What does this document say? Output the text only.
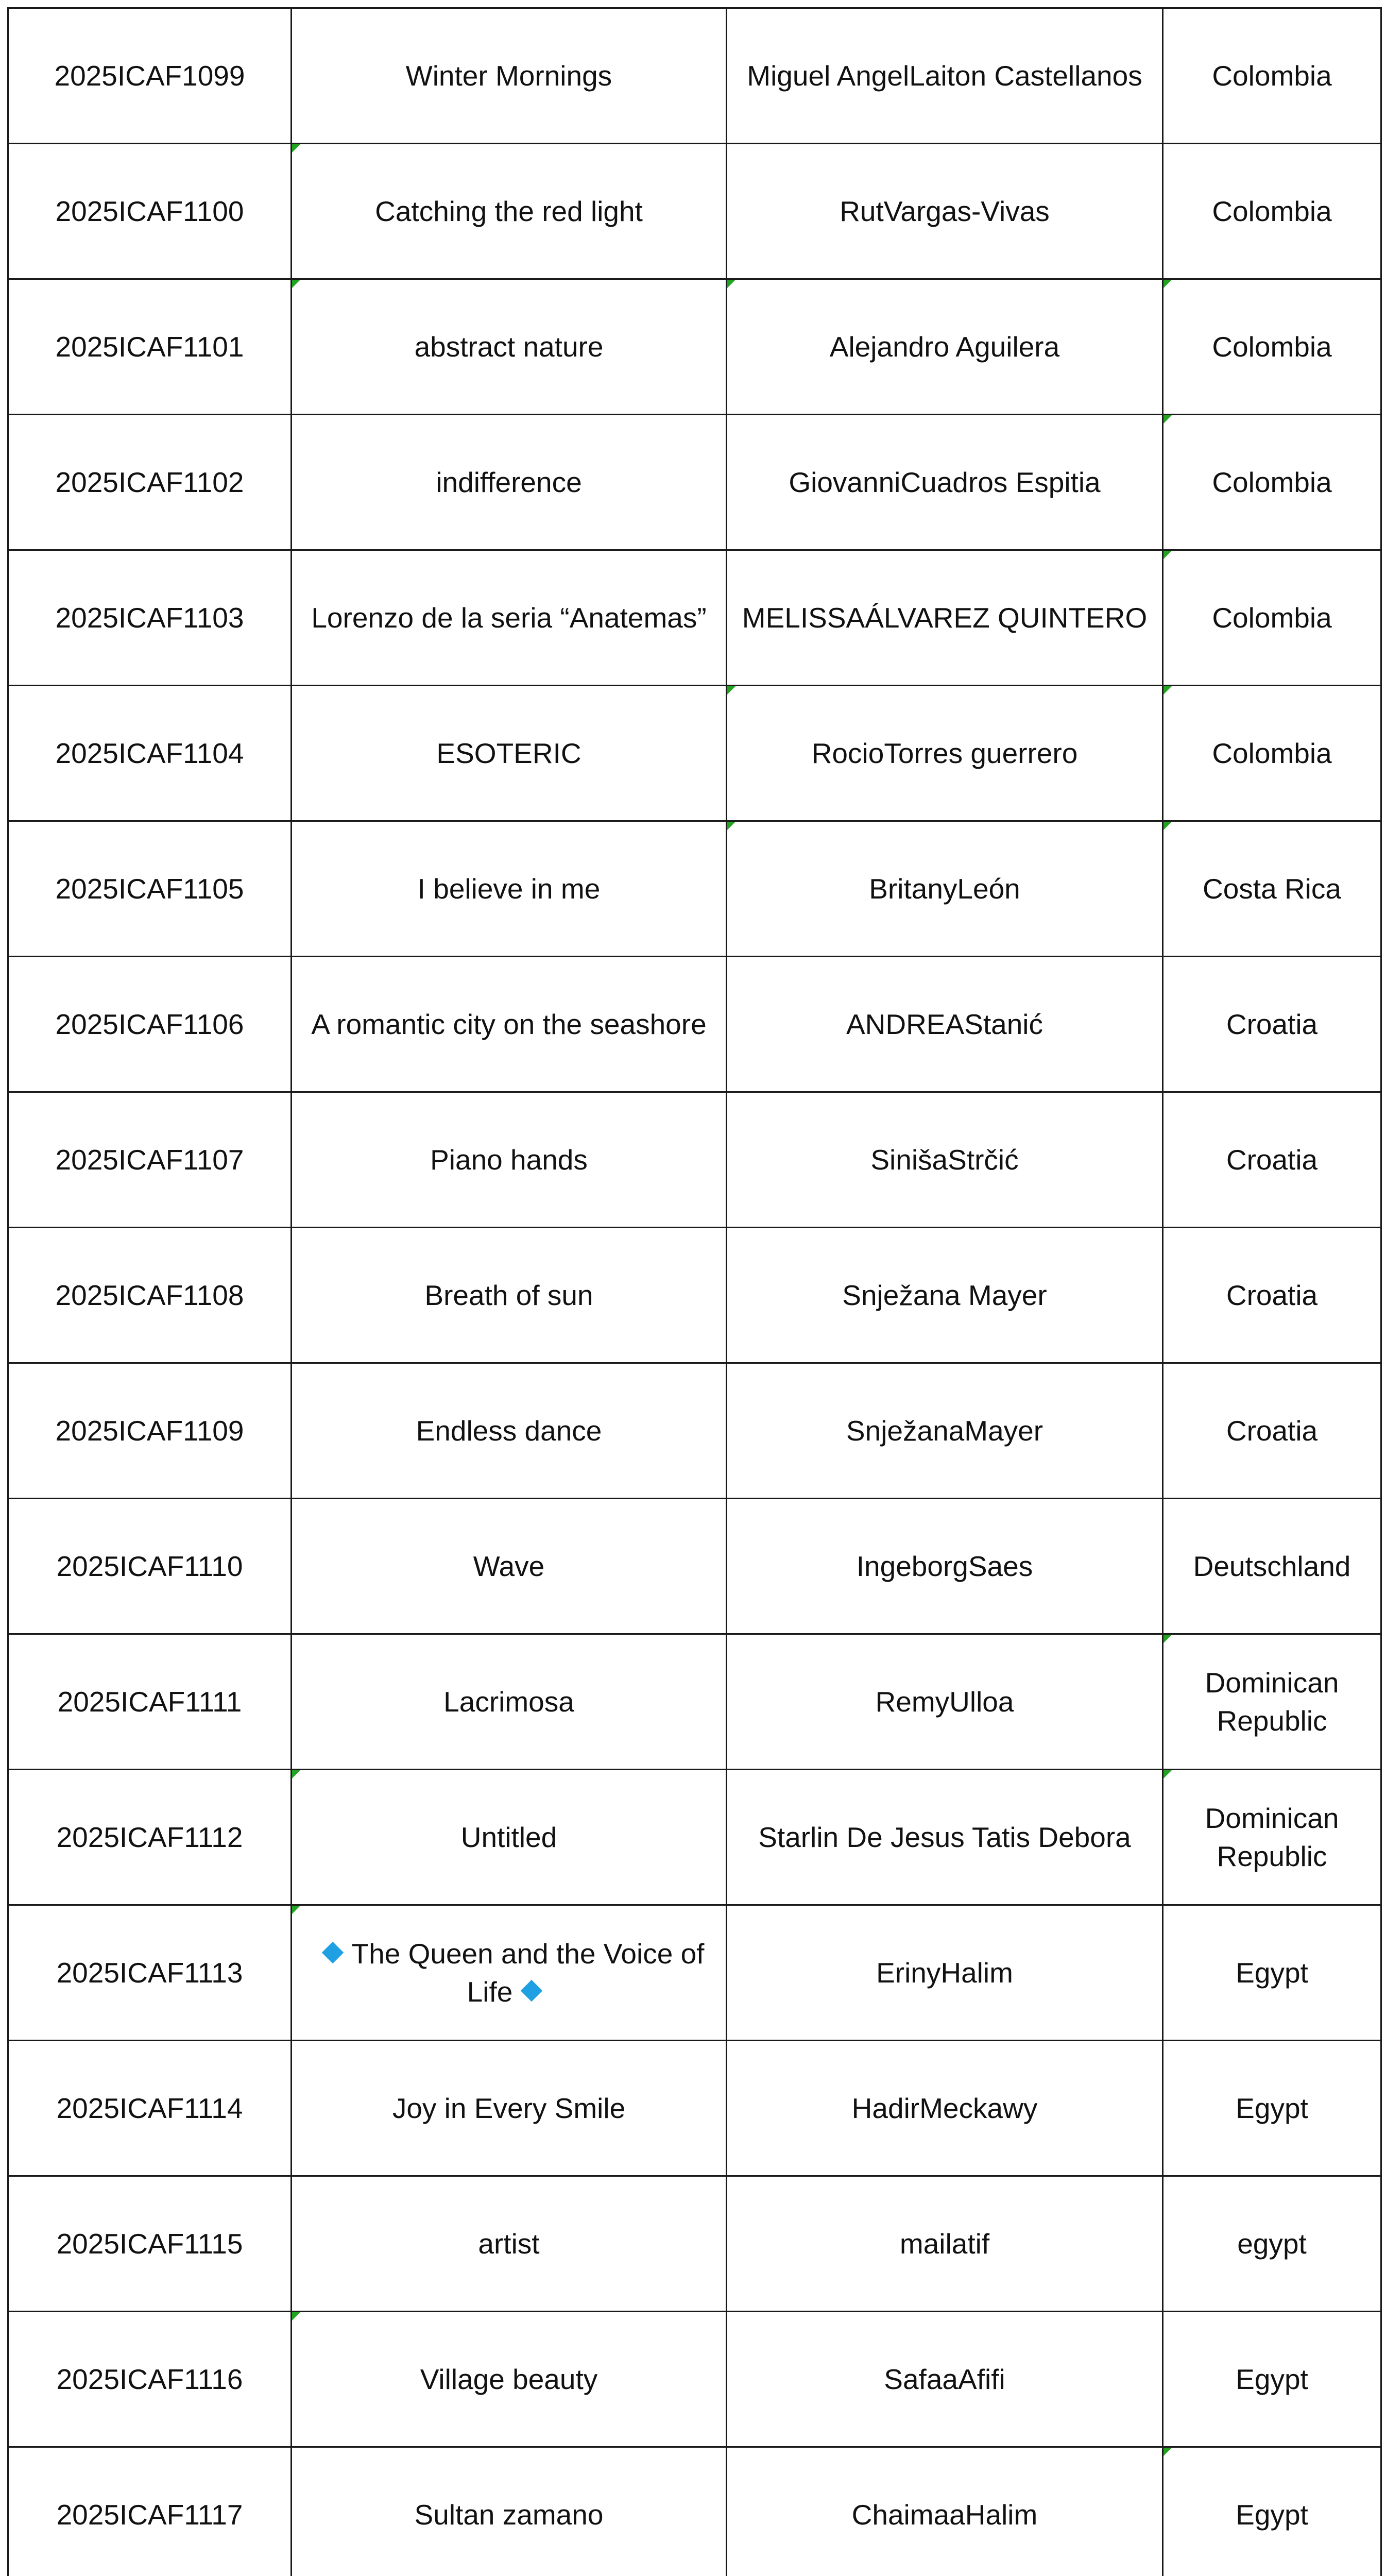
2025ICAF1099	Winter Mornings	Miguel AngelLaiton Castellanos	Colombia
2025ICAF1100	Catching the red light	RutVargas-Vivas	Colombia
2025ICAF1101	abstract nature	Alejandro Aguilera	Colombia
2025ICAF1102	indifference	GiovanniCuadros Espitia	Colombia
2025ICAF1103	Lorenzo de la seria “Anatemas”	MELISSAÁLVAREZ QUINTERO	Colombia
2025ICAF1104	ESOTERIC	RocioTorres guerrero	Colombia
2025ICAF1105	I believe in me	BritanyLeón	Costa Rica
2025ICAF1106	A romantic city on the seashore	ANDREAStanić	Croatia
2025ICAF1107	Piano hands	SinišaStrčić	Croatia
2025ICAF1108	Breath of sun	Snježana Mayer	Croatia
2025ICAF1109	Endless dance	SnježanaMayer	Croatia
2025ICAF1110	Wave	IngeborgSaes	Deutschland
2025ICAF1111	Lacrimosa	RemyUlloa	Dominican Republic
2025ICAF1112	Untitled	Starlin De Jesus Tatis Debora	Dominican Republic
2025ICAF1113	The Queen and the Voice of Life	ErinyHalim	Egypt
2025ICAF1114	Joy in Every Smile	HadirMeckawy	Egypt
2025ICAF1115	artist	mailatif	egypt
2025ICAF1116	Village beauty	SafaaAfifi	Egypt
2025ICAF1117	Sultan zamano	ChaimaaHalim	Egypt
